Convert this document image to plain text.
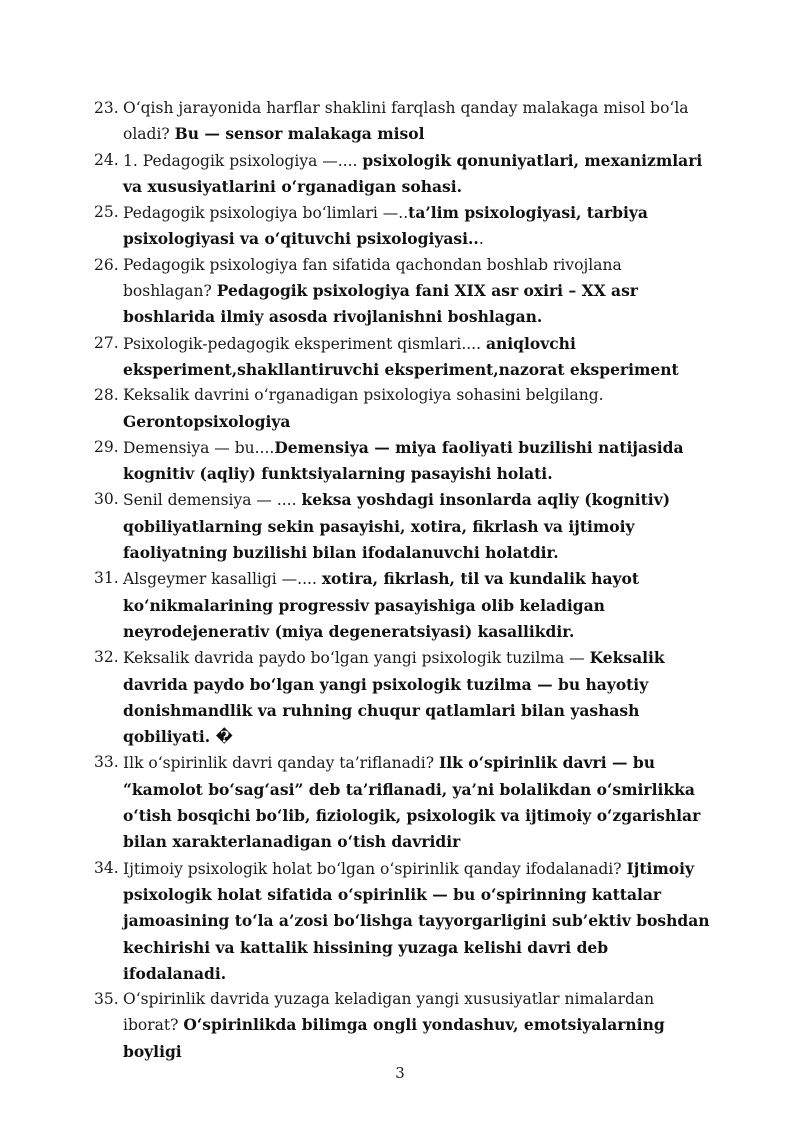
23. O‘qish jarayonida harflar shaklini farqlash qanday malakaga misol bo‘la oladi? Bu — sensor malakaga misol
24. 1. Pedagogik psixologiya —.... psixologik qonuniyatlari, mexanizmlari va xususiyatlarini o‘rganadigan sohasi.
25. Pedagogik psixologiya bo‘limlari —..ta’lim psixologiyasi, tarbiya psixologiyasi va o‘qituvchi psixologiyasi...
26. Pedagogik psixologiya fan sifatida qachondan boshlab rivojlana boshlagan? Pedagogik psixologiya fani XIX asr oxiri – XX asr boshlarida ilmiy asosda rivojlanishni boshlagan.
27. Psixologik-pedagogik eksperiment qismlari.... aniqlovchi eksperiment,shakllantiruvchi eksperiment,nazorat eksperiment
28. Keksalik davrini o‘rganadigan psixologiya sohasini belgilang. Gerontopsixologiya
29. Demensiya — bu....Demensiya — miya faoliyati buzilishi natijasida kognitiv (aqliy) funktsiyalarning pasayishi holati.
30. Senil demensiya — .... keksa yoshdagi insonlarda aqliy (kognitiv) qobiliyatlarning sekin pasayishi, xotira, fikrlash va ijtimoiy faoliyatning buzilishi bilan ifodalanuvchi holatdir.
31. Alsgeymer kasalligi —.... xotira, fikrlash, til va kundalik hayot ko‘nikmalarining progressiv pasayishiga olib keladigan neyrodejenerativ (miya degeneratsiyasi) kasallikdir.
32. Keksalik davrida paydo bo‘lgan yangi psixologik tuzilma — Keksalik davrida paydo bo‘lgan yangi psixologik tuzilma — bu hayotiy donishmandlik va ruhning chuqur qatlamlari bilan yashash qobiliyati. �
33. Ilk o‘spirinlik davri qanday ta’riflanadi? Ilk o‘spirinlik davri — bu “kamolot bo‘sag‘asi” deb ta’riflanadi, ya’ni bolalikdan o‘smirlikka o‘tish bosqichi bo‘lib, fiziologik, psixologik va ijtimoiy o‘zgarishlar bilan xarakterlanadigan o‘tish davridir
34. Ijtimoiy psixologik holat bo‘lgan o‘spirinlik qanday ifodalanadi? Ijtimoiy psixologik holat sifatida o‘spirinlik — bu o‘spirinning kattalar jamoasining to‘la a’zosi bo‘lishga tayyorgarligini sub’ektiv boshdan kechirishi va kattalik hissining yuzaga kelishi davri deb ifodalanadi.
35. O‘spirinlik davrida yuzaga keladigan yangi xususiyatlar nimalardan iborat? O‘spirinlikda bilimga ongli yondashuv, emotsiyalarning boyligi
3
